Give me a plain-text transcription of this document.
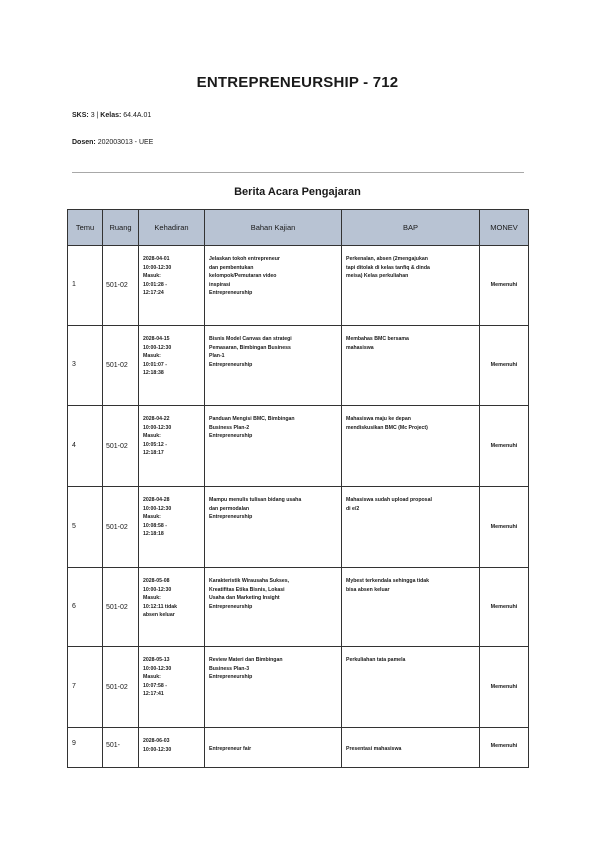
ENTREPRENEURSHIP - 712
SKS: 3 | Kelas: 64.4A.01
Dosen: 202003013 - UEE
Berita Acara Pengajaran
Temu	Ruang	Kehadiran	Bahan Kajian	BAP	MONEV
1	501-02	2028-04-01
10:00-12:30
Masuk:
10:01:28 -
12:17:24	Jelaskan tokoh entrepreneur
dan pembentukan
kelompok/Pemutaran video
inspirasi
Entrepreneurship	Perkenalan, absen (2mengajukan
tapi ditolak di kelas tanfiq & dinda
meisa) Kelas perkuliahan	Memenuhi
3	501-02	2028-04-15
10:00-12:30
Masuk:
10:01:07 -
12:18:38	Bisnis Model Canvas dan strategi
Pemasaran, Bimbingan Business
Plan-1
Entrepreneurship	Membahas BMC bersama
mahasiswa	Memenuhi
4	501-02	2028-04-22
10:00-12:30
Masuk:
10:05:12 -
12:18:17	Panduan Mengisi BMC, Bimbingan
Business Plan-2
Entrepreneurship	Mahasiswa maju ke depan
mendiskusikan BMC (Mc Project)	Memenuhi
5	501-02	2028-04-28
10:00-12:30
Masuk:
10:08:58 -
12:18:18	Mampu menulis tulisan bidang usaha
dan permodalan
Entrepreneurship	Mahasiswa sudah upload proposal
di e/2	Memenuhi
6	501-02	2028-05-08
10:00-12:30
Masuk:
10:12:11 tidak
absen keluar	Karakteristik Wirausaha Sukses,
Kreatifitas Etika Bisnis, Lokasi
Usaha dan Marketing Insight
Entrepreneurship	Mybest terkendala sehingga tidak
bisa absen keluar	Memenuhi
7	501-02	2028-05-13
10:00-12:30
Masuk:
10:07:58 -
12:17:41	Review Materi dan Bimbingan
Business Plan-3
Entrepreneurship	Perkuliahan tata pamela	Memenuhi
9	501-	2028-06-03
10:00-12:30	Entrepreneur fair	Presentasi mahasiswa	Memenuhi
